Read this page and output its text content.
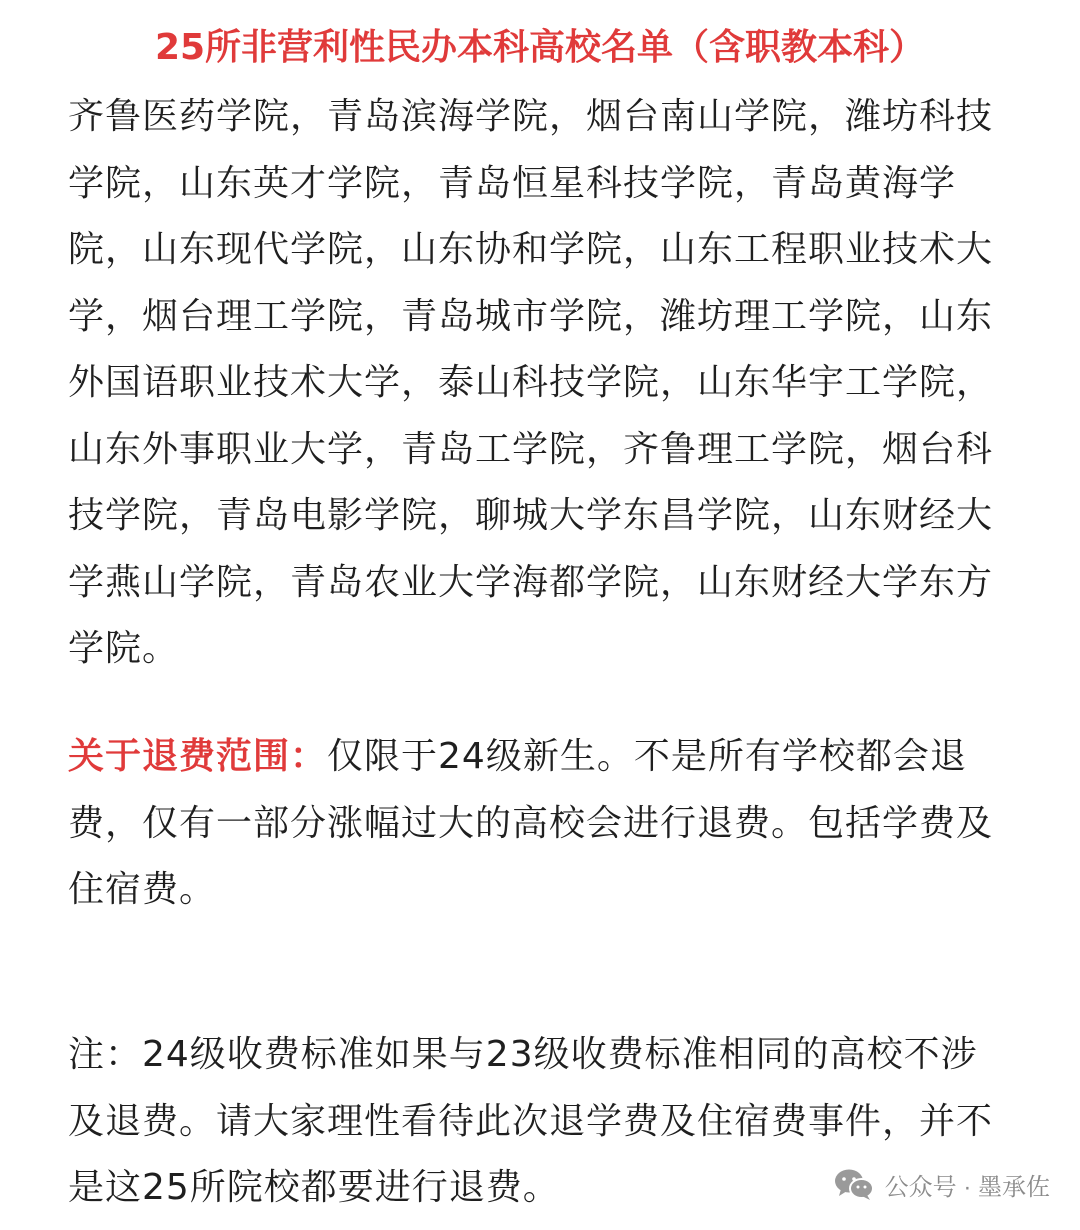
25所非营利性民办本科高校名单（含职教本科）

齐鲁医药学院，青岛滨海学院，烟台南山学院，潍坊科技学院，山东英才学院，青岛恒星科技学院，青岛黄海学院，山东现代学院，山东协和学院，山东工程职业技术大学，烟台理工学院，青岛城市学院，潍坊理工学院，山东外国语职业技术大学，泰山科技学院，山东华宇工学院，山东外事职业大学，青岛工学院，齐鲁理工学院，烟台科技学院，青岛电影学院，聊城大学东昌学院，山东财经大学燕山学院，青岛农业大学海都学院，山东财经大学东方学院。

关于退费范围：仅限于24级新生。不是所有学校都会退费，仅有一部分涨幅过大的高校会进行退费。包括学费及住宿费。

注：24级收费标准如果与23级收费标准相同的高校不涉及退费。请大家理性看待此次退学费及住宿费事件，并不是这25所院校都要进行退费。	公众号 · 墨承佐
